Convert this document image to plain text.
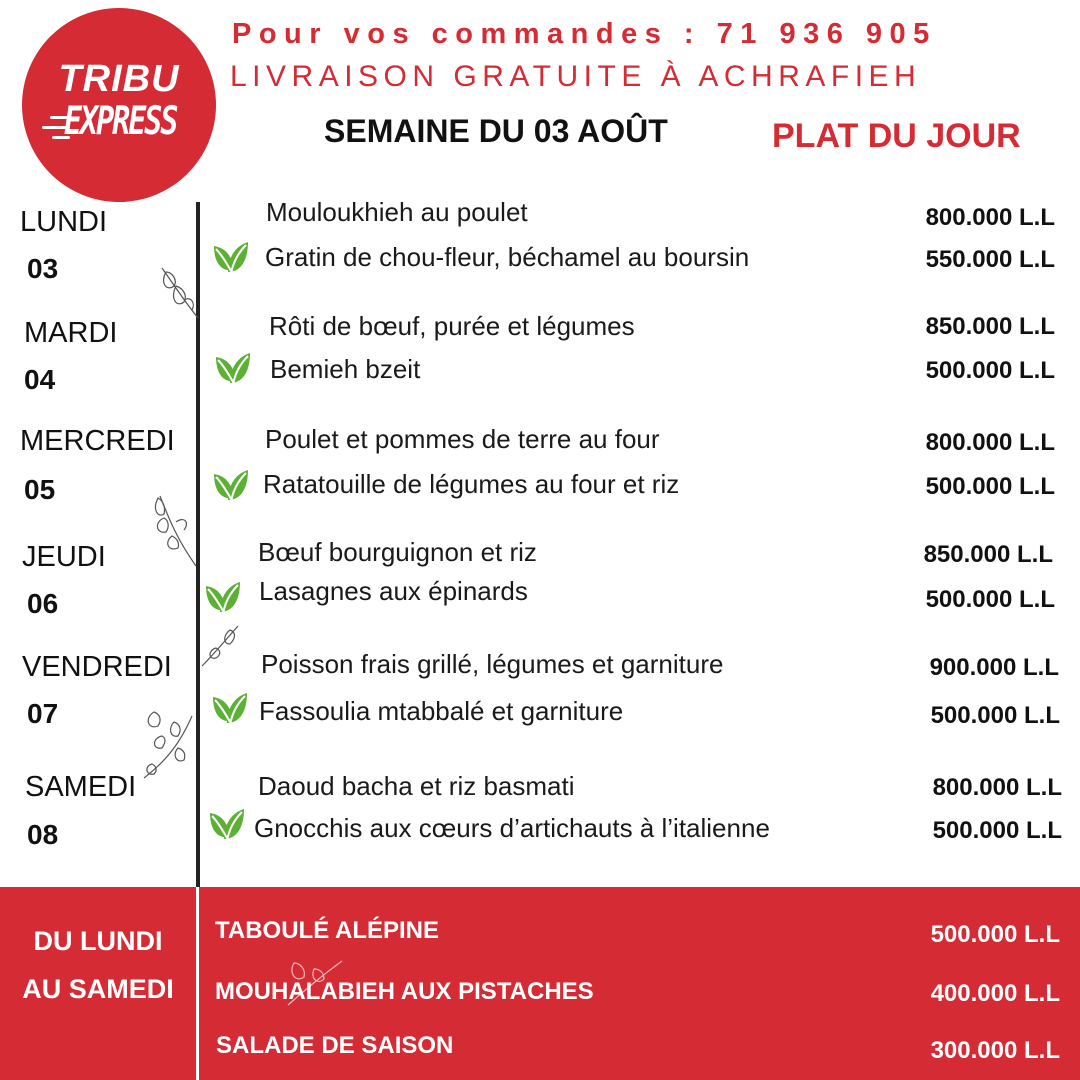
TRIBU
EXPRESS
Pour vos commandes : 71 936 905
LIVRAISON GRATUITE À ACHRAFIEH
SEMAINE DU 03 AOÛT	PLAT DU JOUR
LUNDI
03
MARDI
04
MERCREDI
05
JEUDI
06
VENDREDI
07
SAMEDI
08
Mouloukhieh au poulet	800.000 L.L
Gratin de chou-fleur, béchamel au boursin	550.000 L.L
Rôti de bœuf, purée et légumes	850.000 L.L
Bemieh bzeit	500.000 L.L
Poulet et pommes de terre au four	800.000 L.L
Ratatouille de légumes au four et riz	500.000 L.L
Bœuf bourguignon et riz	850.000 L.L
Lasagnes aux épinards	500.000 L.L
Poisson frais grillé, légumes et garniture	900.000 L.L
Fassoulia mtabbalé et garniture	500.000 L.L
Daoud bacha et riz basmati	800.000 L.L
Gnocchis aux cœurs d’artichauts à l’italienne	500.000 L.L
DU LUNDI
AU SAMEDI
TABOULÉ ALÉPINE	500.000 L.L
MOUHALABIEH AUX PISTACHES	400.000 L.L
SALADE DE SAISON	300.000 L.L
